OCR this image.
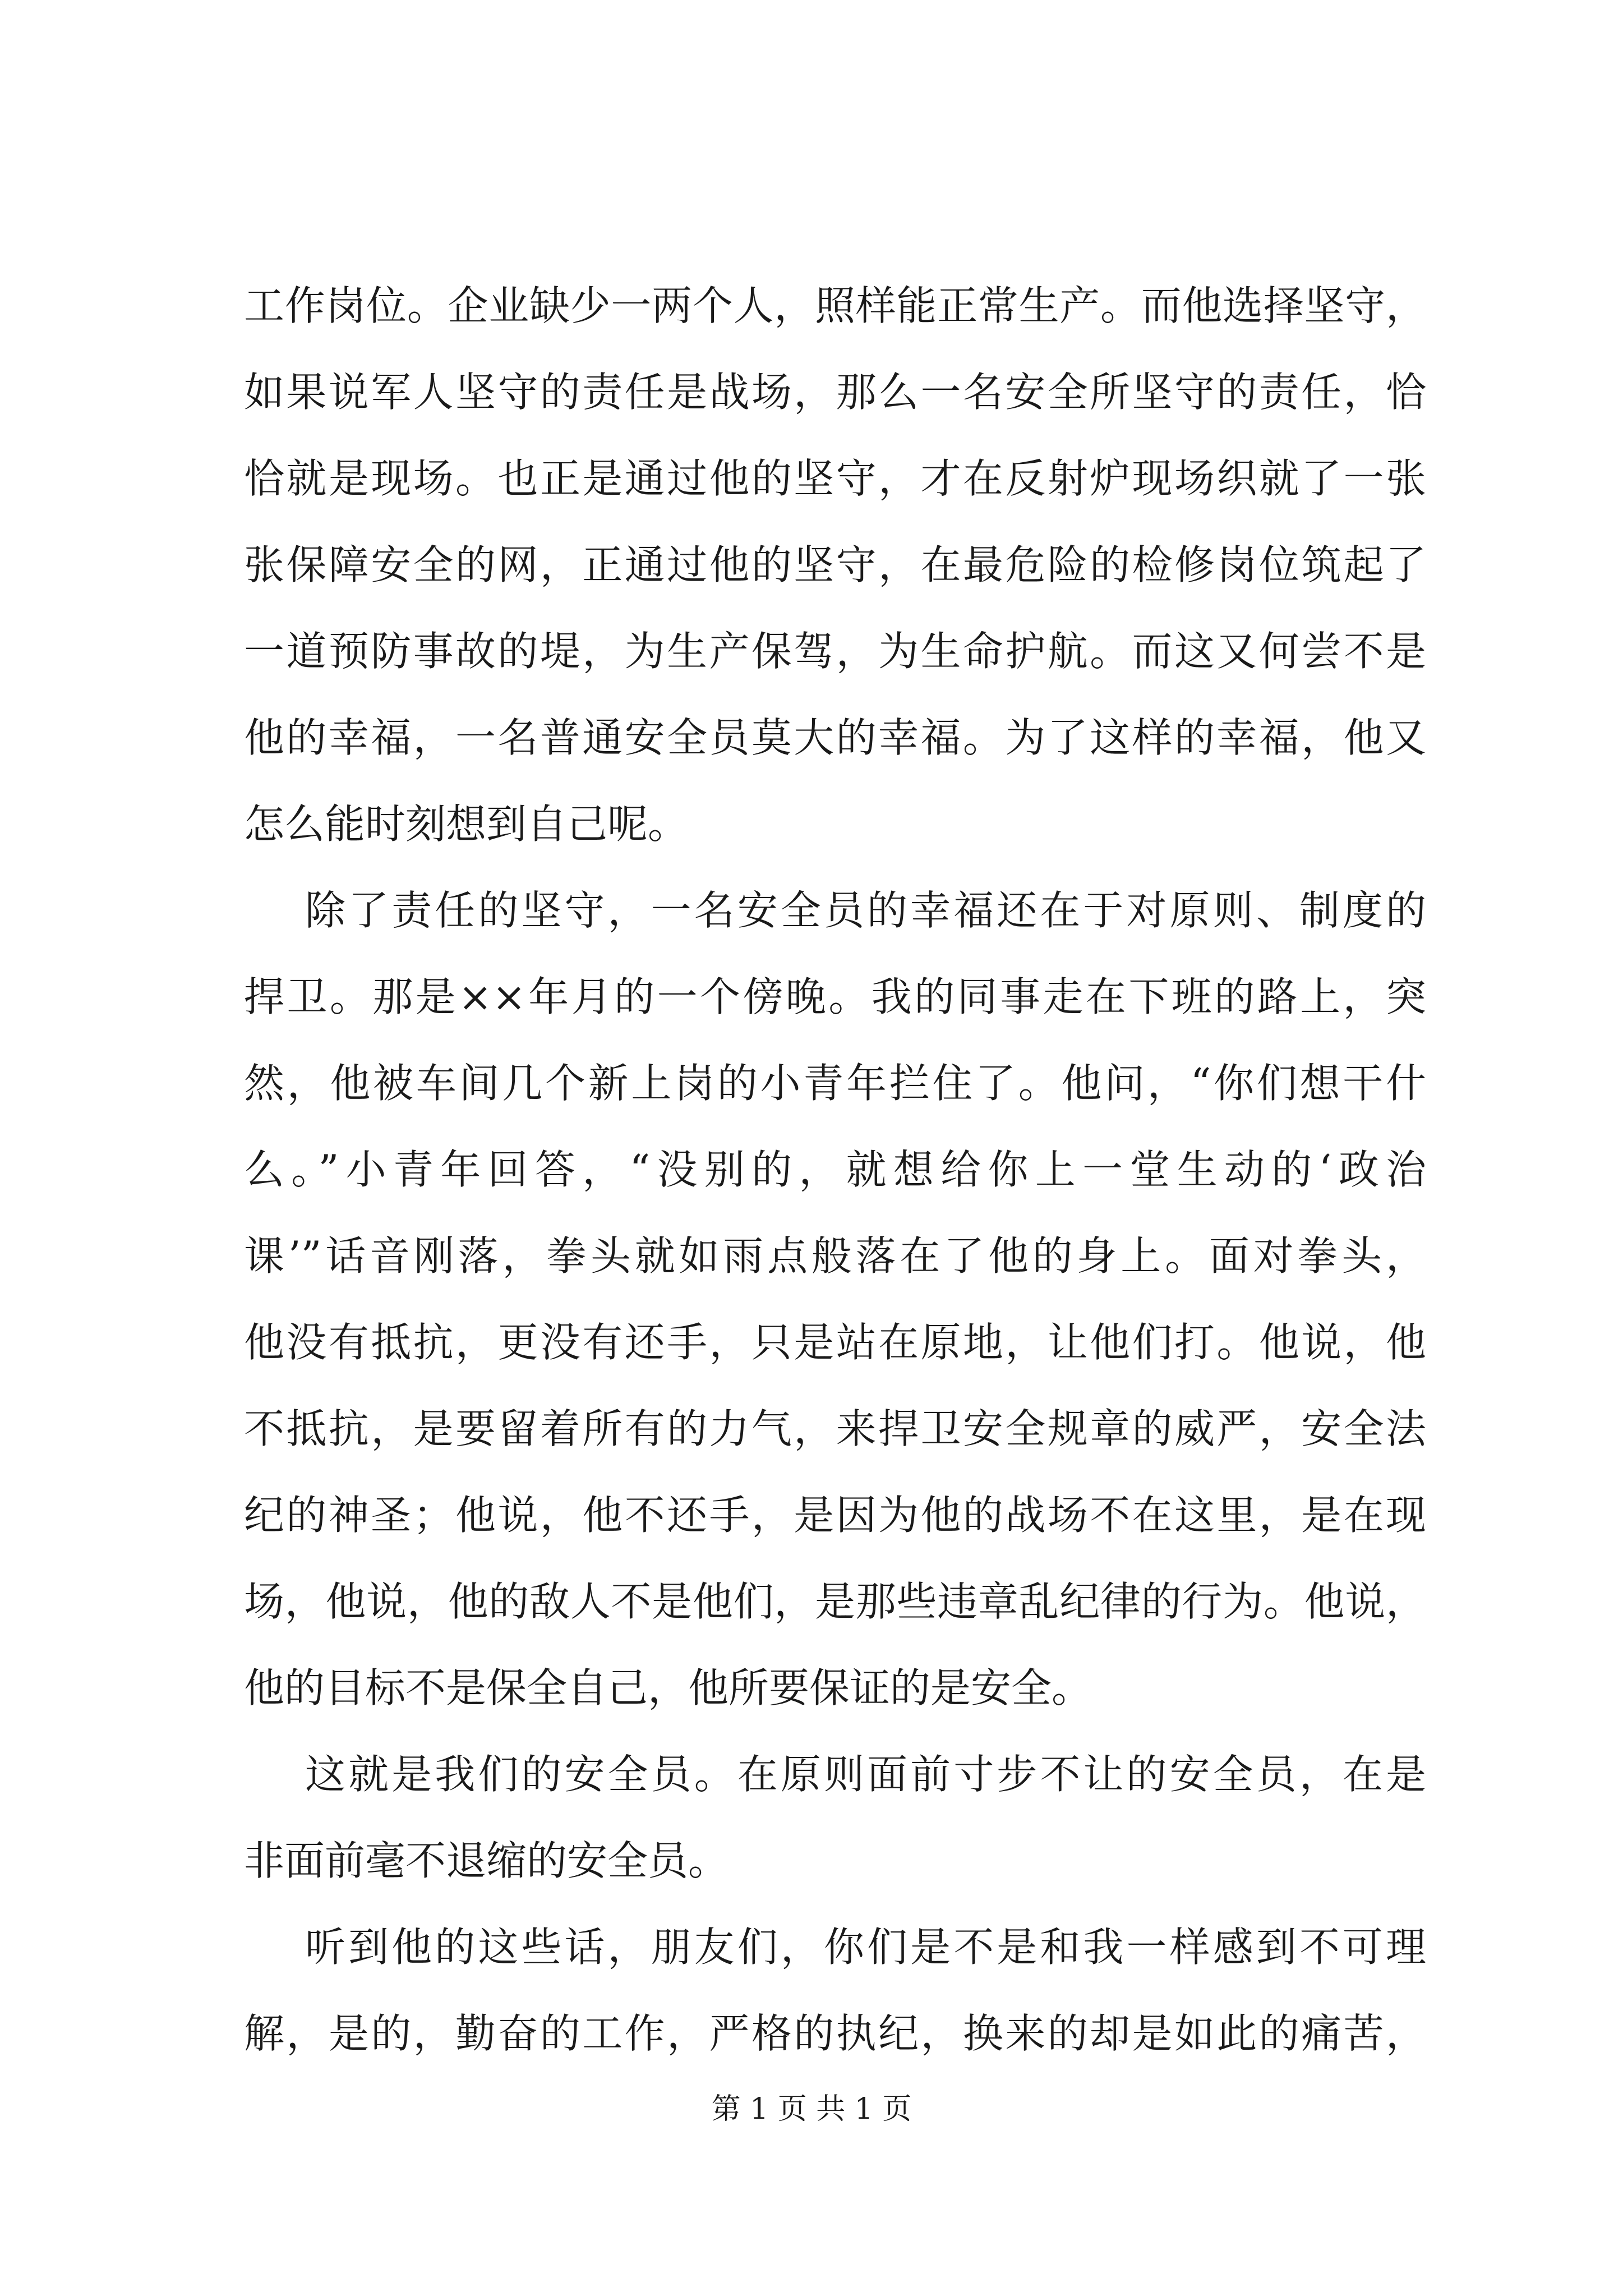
工作岗位。企业缺少一两个人，照样能正常生产。而他选择坚守，
如果说军人坚守的责任是战场，那么一名安全所坚守的责任，恰
恰就是现场。也正是通过他的坚守，才在反射炉现场织就了一张
张保障安全的网，正通过他的坚守，在最危险的检修岗位筑起了
一道预防事故的堤，为生产保驾，为生命护航。而这又何尝不是
他的幸福，一名普通安全员莫大的幸福。为了这样的幸福，他又
怎么能时刻想到自己呢。
除了责任的坚守，一名安全员的幸福还在于对原则、制度的
捍卫。那是××年月的一个傍晚。我的同事走在下班的路上，突
然，他被车间几个新上岗的小青年拦住了。他问，“你们想干什
么。”小青年回答，“没别的，就想给你上一堂生动的‘政治
课’”话音刚落，拳头就如雨点般落在了他的身上。面对拳头，
他没有抵抗，更没有还手，只是站在原地，让他们打。他说，他
不抵抗，是要留着所有的力气，来捍卫安全规章的威严，安全法
纪的神圣；他说，他不还手，是因为他的战场不在这里，是在现
场，他说，他的敌人不是他们，是那些违章乱纪律的行为。他说，
他的目标不是保全自己，他所要保证的是安全。
这就是我们的安全员。在原则面前寸步不让的安全员，在是
非面前毫不退缩的安全员。
听到他的这些话，朋友们，你们是不是和我一样感到不可理
解，是的，勤奋的工作，严格的执纪，换来的却是如此的痛苦，
第 1 页 共 1 页
